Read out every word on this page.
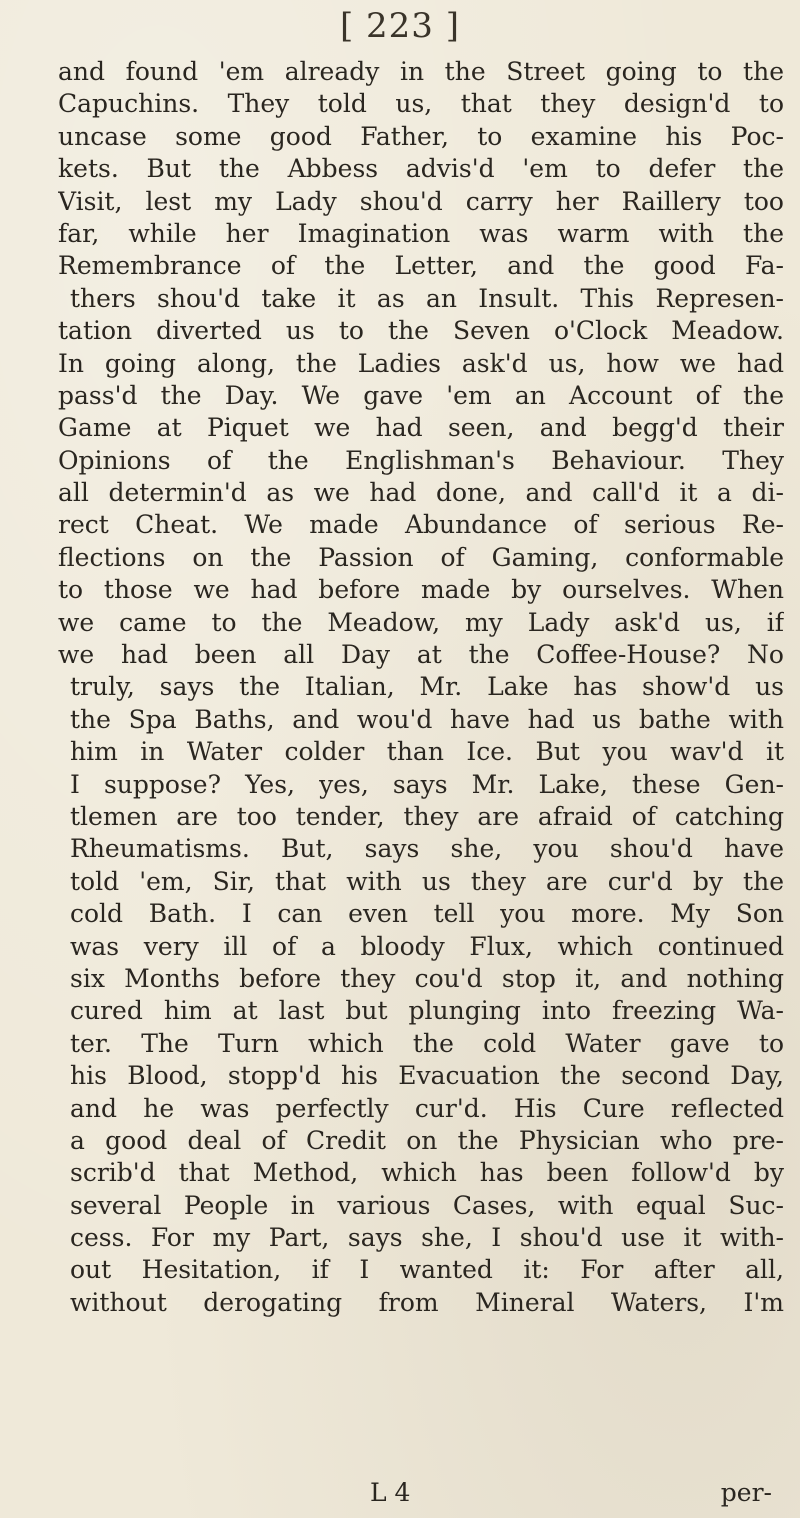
[ 223 ]
and found 'em already in the Street going to the
Capuchins. They told us, that they design'd to
uncase some good Father, to examine his Poc-
kets. But the Abbess advis'd 'em to defer the
Visit, lest my Lady shou'd carry her Raillery too
far, while her Imagination was warm with the
Remembrance of the Letter, and the good Fa-
thers shou'd take it as an Insult. This Represen-
tation diverted us to the Seven o'Clock Meadow.
In going along, the Ladies ask'd us, how we had
pass'd the Day. We gave 'em an Account of the
Game at Piquet we had seen, and begg'd their
Opinions of the Englishman's Behaviour. They
all determin'd as we had done, and call'd it a di-
rect Cheat. We made Abundance of serious Re-
flections on the Passion of Gaming, conformable
to those we had before made by ourselves. When
we came to the Meadow, my Lady ask'd us, if
we had been all Day at the Coffee-House? No
truly, says the Italian, Mr. Lake has show'd us
the Spa Baths, and wou'd have had us bathe with
him in Water colder than Ice. But you wav'd it
I suppose? Yes, yes, says Mr. Lake, these Gen-
tlemen are too tender, they are afraid of catching
Rheumatisms. But, says she, you shou'd have
told 'em, Sir, that with us they are cur'd by the
cold Bath. I can even tell you more. My Son
was very ill of a bloody Flux, which continued
six Months before they cou'd stop it, and nothing
cured him at last but plunging into freezing Wa-
ter. The Turn which the cold Water gave to
his Blood, stopp'd his Evacuation the second Day,
and he was perfectly cur'd. His Cure reflected
a good deal of Credit on the Physician who pre-
scrib'd that Method, which has been follow'd by
several People in various Cases, with equal Suc-
cess. For my Part, says she, I shou'd use it with-
out Hesitation, if I wanted it: For after all,
without derogating from Mineral Waters, I'm
L 4	per-
